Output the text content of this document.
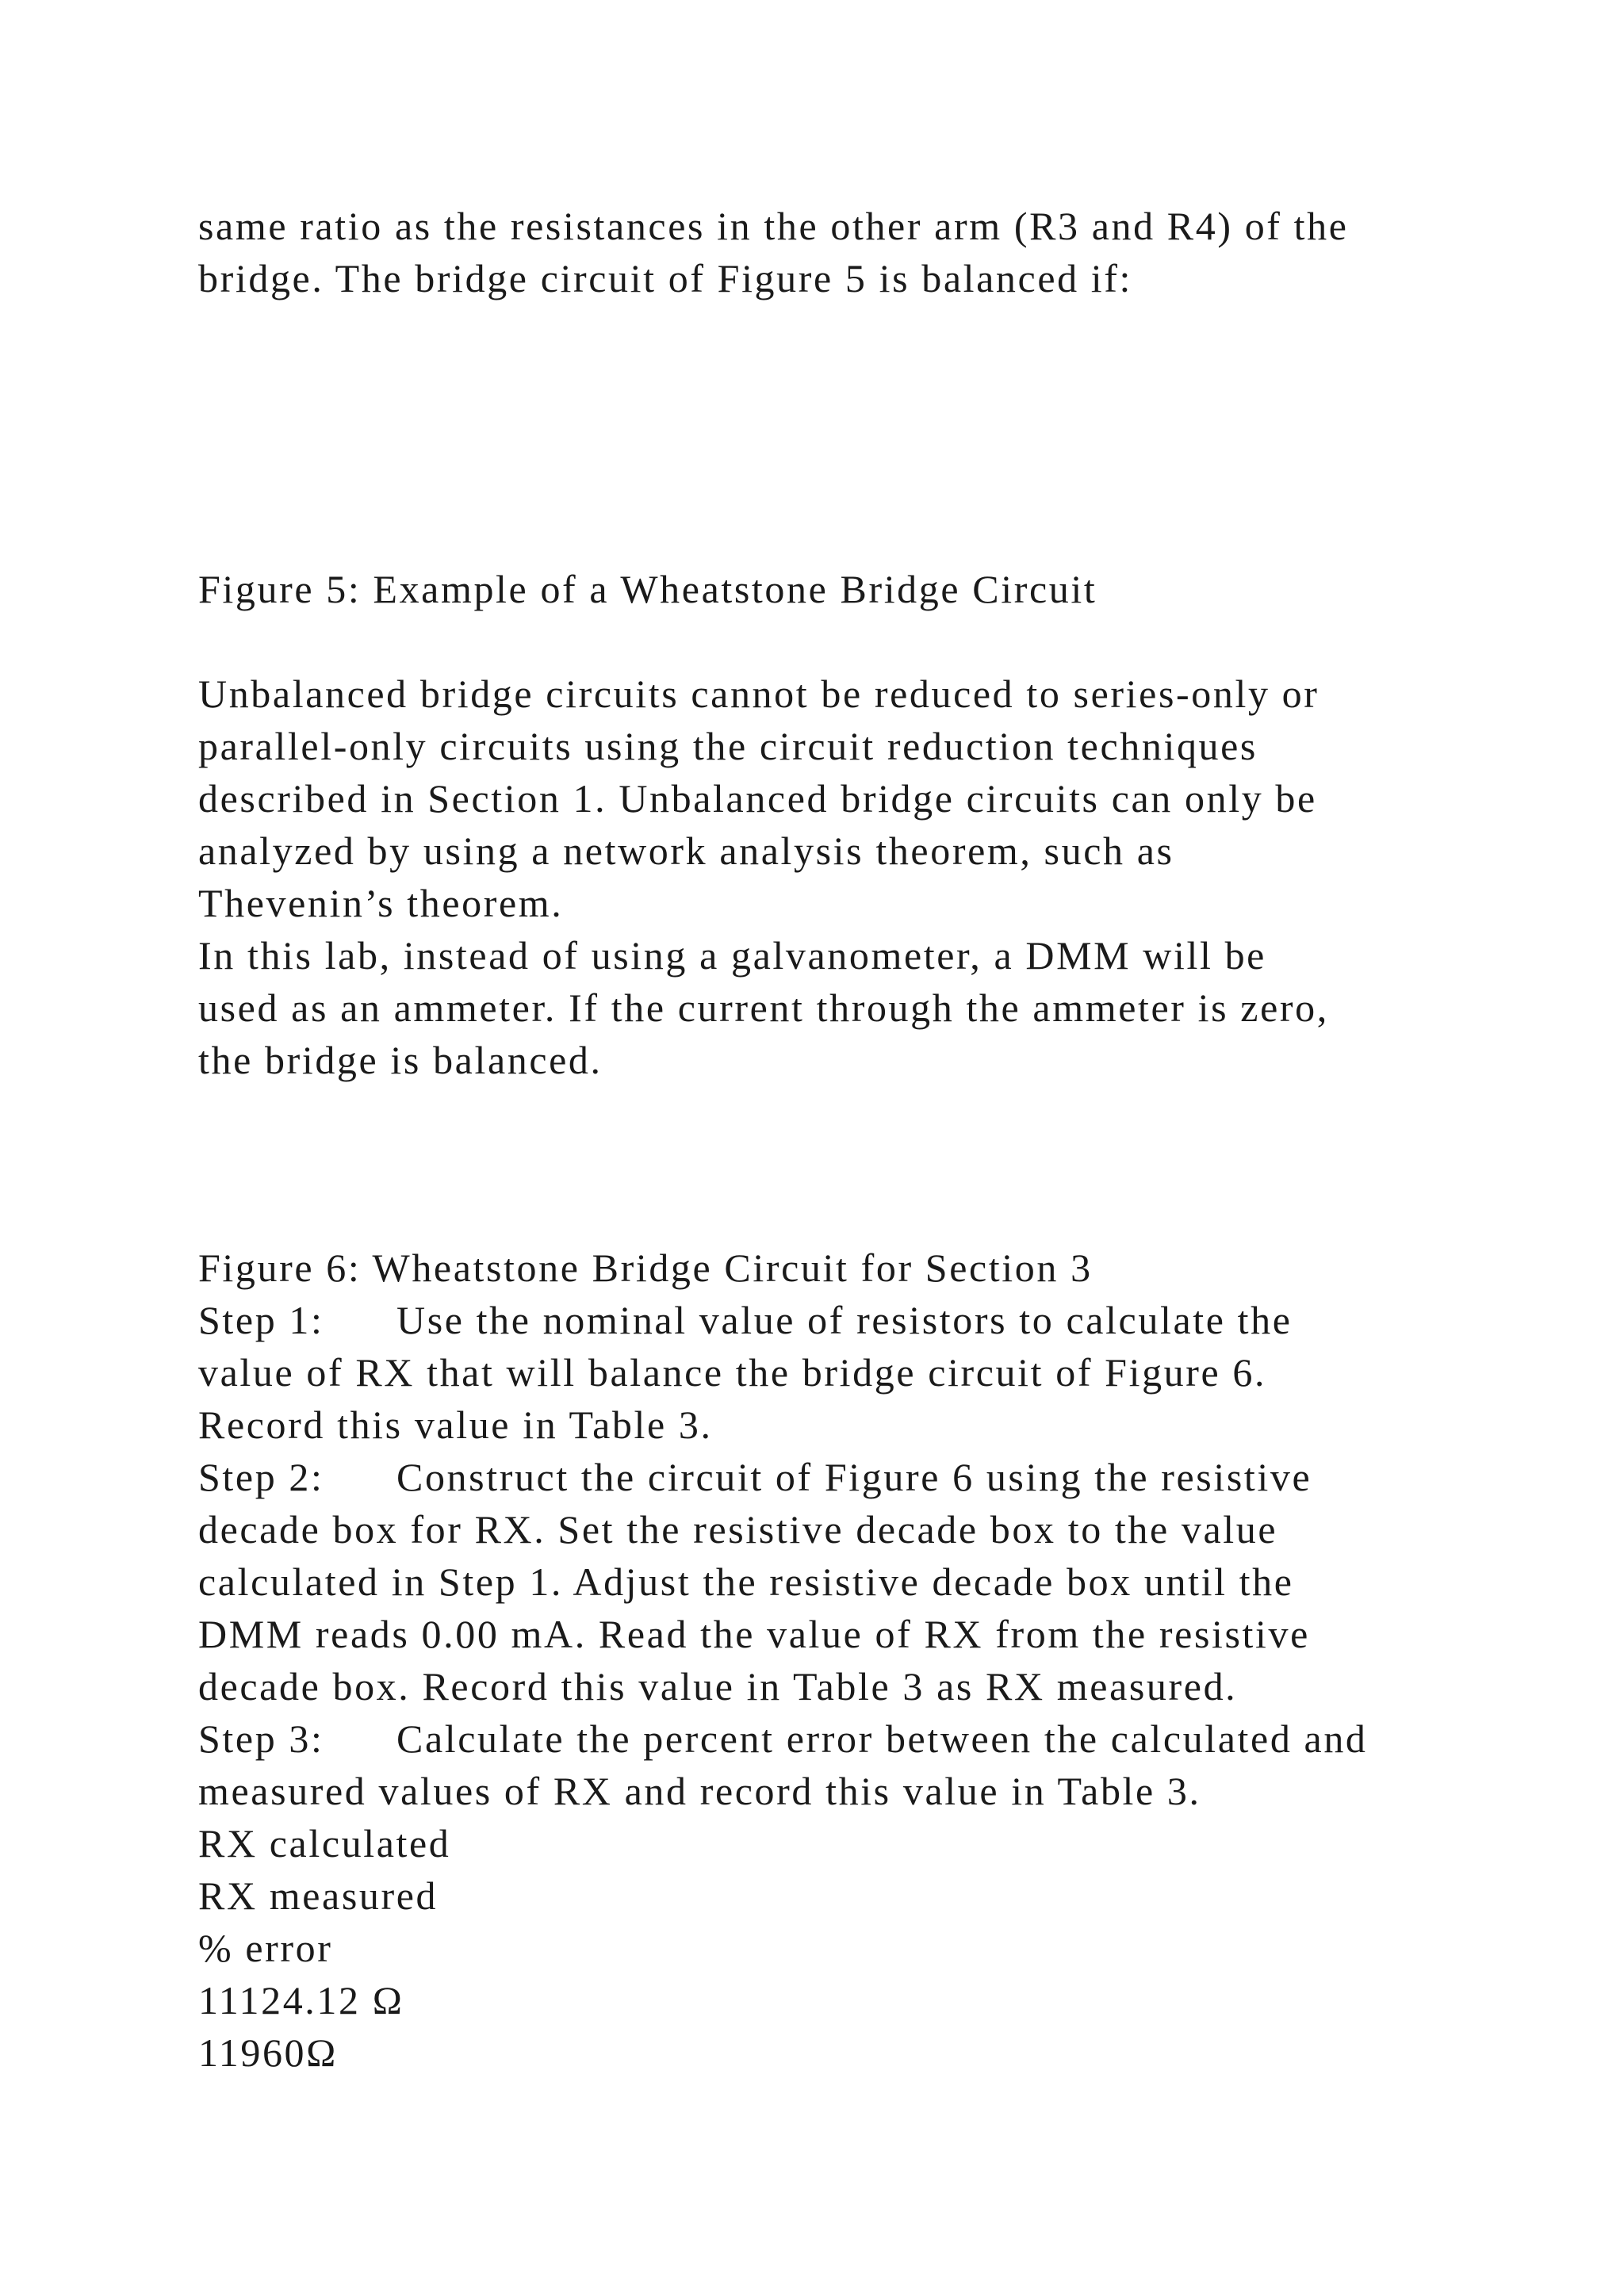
same ratio as the resistances in the other arm (R3 and R4) of the

bridge. The bridge circuit of Figure 5 is balanced if:

Figure 5: Example of a Wheatstone Bridge Circuit

Unbalanced bridge circuits cannot be reduced to series-only or

parallel-only circuits using the circuit reduction techniques

described in Section 1. Unbalanced bridge circuits can only be

analyzed by using a network analysis theorem, such as

Thevenin’s theorem.

In this lab, instead of using a galvanometer, a DMM will be

used as an ammeter. If the current through the ammeter is zero,

the bridge is balanced.

Figure 6: Wheatstone Bridge Circuit for Section 3

Step 1: Use the nominal value of resistors to calculate the

value of RX that will balance the bridge circuit of Figure 6.

Record this value in Table 3.

Step 2: Construct the circuit of Figure 6 using the resistive

decade box for RX. Set the resistive decade box to the value

calculated in Step 1. Adjust the resistive decade box until the

DMM reads 0.00 mA. Read the value of RX from the resistive

decade box. Record this value in Table 3 as RX measured.

Step 3: Calculate the percent error between the calculated and

measured values of RX and record this value in Table 3.

RX calculated

RX measured

% error

11124.12 Ω

11960Ω
